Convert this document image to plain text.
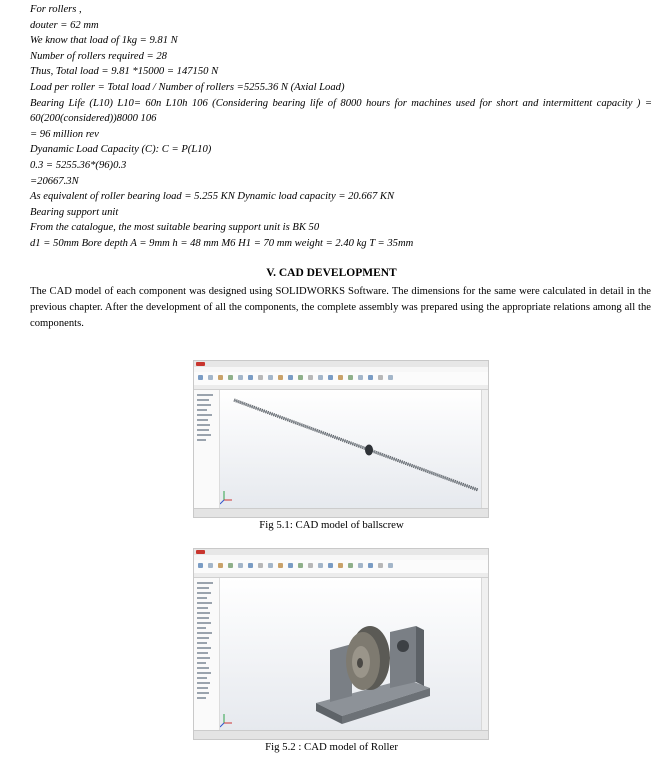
For rollers ,
douter = 62 mm
We know that load of 1kg = 9.81 N
Number of rollers required = 28
Thus, Total load = 9.81 *15000 = 147150 N
Load per roller = Total load / Number of rollers =5255.36 N (Axial Load)
Bearing Life (L10) L10= 60n L10h 106 (Considering bearing life of 8000 hours for machines used for short and intermittent capacity ) = 60(200(considered))8000 106
= 96 million rev
Dyanamic Load Capacity (C): C = P(L10)
0.3 = 5255.36*(96)0.3
=20667.3N
As equivalent of roller bearing load = 5.255 KN Dynamic load capacity = 20.667 KN
Bearing support unit
From the catalogue, the most suitable bearing support unit is BK 50
d1 = 50mm Bore depth A = 9mm h = 48 mm M6 H1 = 70 mm weight = 2.40 kg T = 35mm
V. CAD DEVELOPMENT
The CAD model of each component was designed using SOLIDWORKS Software. The dimensions for the same were calculated in detail in the previous chapter. After the development of all the components, the complete assembly was prepared using the appropriate relations among all the components.
Fig 5.1: CAD model of ballscrew
Fig 5.2 : CAD model of Roller
